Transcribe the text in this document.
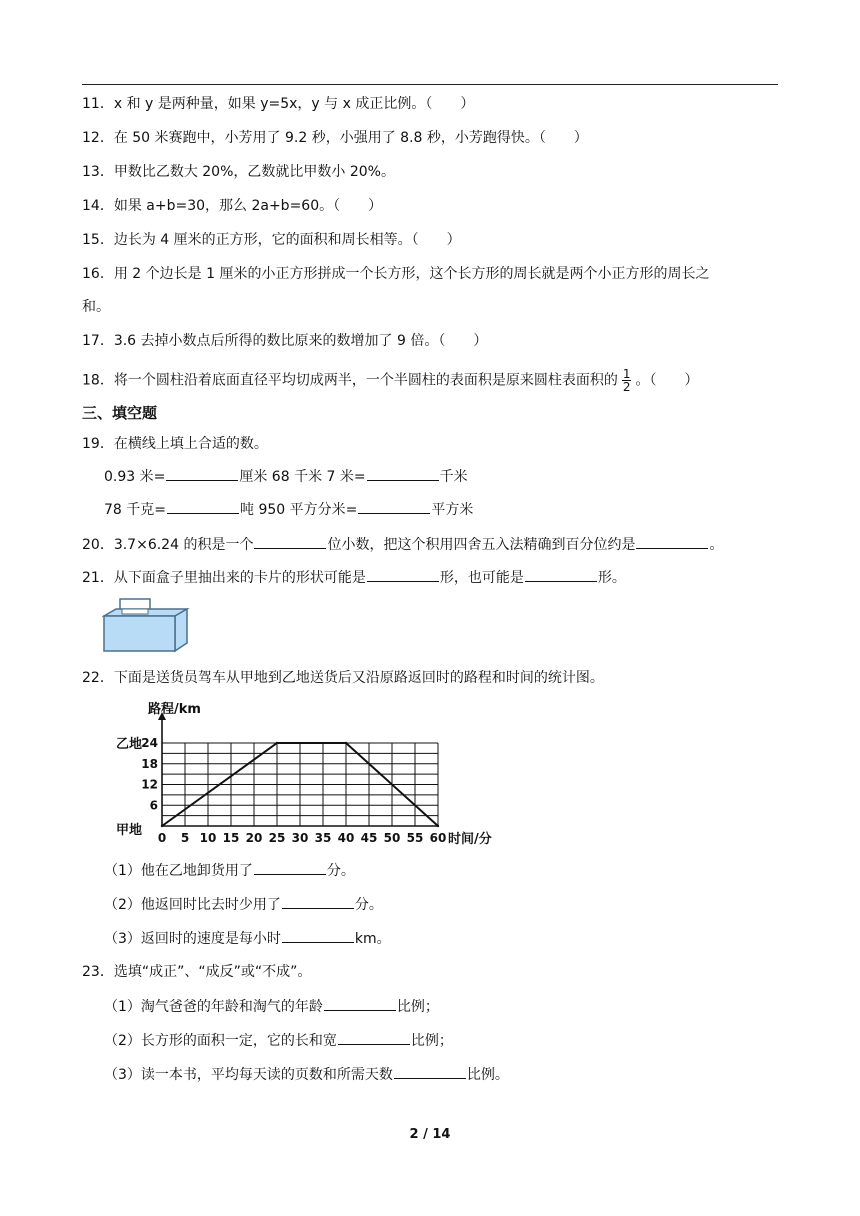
11．x 和 y 是两种量，如果 y=5x，y 与 x 成正比例。（　　）
12．在 50 米赛跑中，小芳用了 9.2 秒，小强用了 8.8 秒，小芳跑得快。（　　）
13．甲数比乙数大 20%，乙数就比甲数小 20%。
14．如果 a+b=30，那么 2a+b=60。（　　）
15．边长为 4 厘米的正方形，它的面积和周长相等。（　　）
16．用 2 个边长是 1 厘米的小正方形拼成一个长方形，这个长方形的周长就是两个小正方形的周长之
和。
17．3.6 去掉小数点后所得的数比原来的数增加了 9 倍。（　　）
18．将一个圆柱沿着底面直径平均切成两半，一个半圆柱的表面积是原来圆柱表面积的 $\frac{1}{2}$ 。（　　）
三、填空题
19．在横线上填上合适的数。
0.93 米=	厘米 68 千米 7 米=	千米
78 千克=	吨 950 平方分米=	平方米
20．3.7×6.24 的积是一个	位小数，把这个积用四舍五入法精确到百分位约是	。
21．从下面盒子里抽出来的卡片的形状可能是	形，也可能是	形。
22．下面是送货员驾车从甲地到乙地送货后又沿原路返回时的路程和时间的统计图。
5 10 15 20 25 30 35 40 45 50 55 60
0
6
12
18
24
乙地
甲地
路程/km
时间/分
（1）他在乙地卸货用了	分。
（2）他返回时比去时少用了	分。
（3）返回时的速度是每小时	km。
23．选填“成正”、“成反”或“不成”。
（1）淘气爸爸的年龄和淘气的年龄	比例；
（2）长方形的面积一定，它的长和宽	比例；
（3）读一本书，平均每天读的页数和所需天数	比例。
2 / 14
